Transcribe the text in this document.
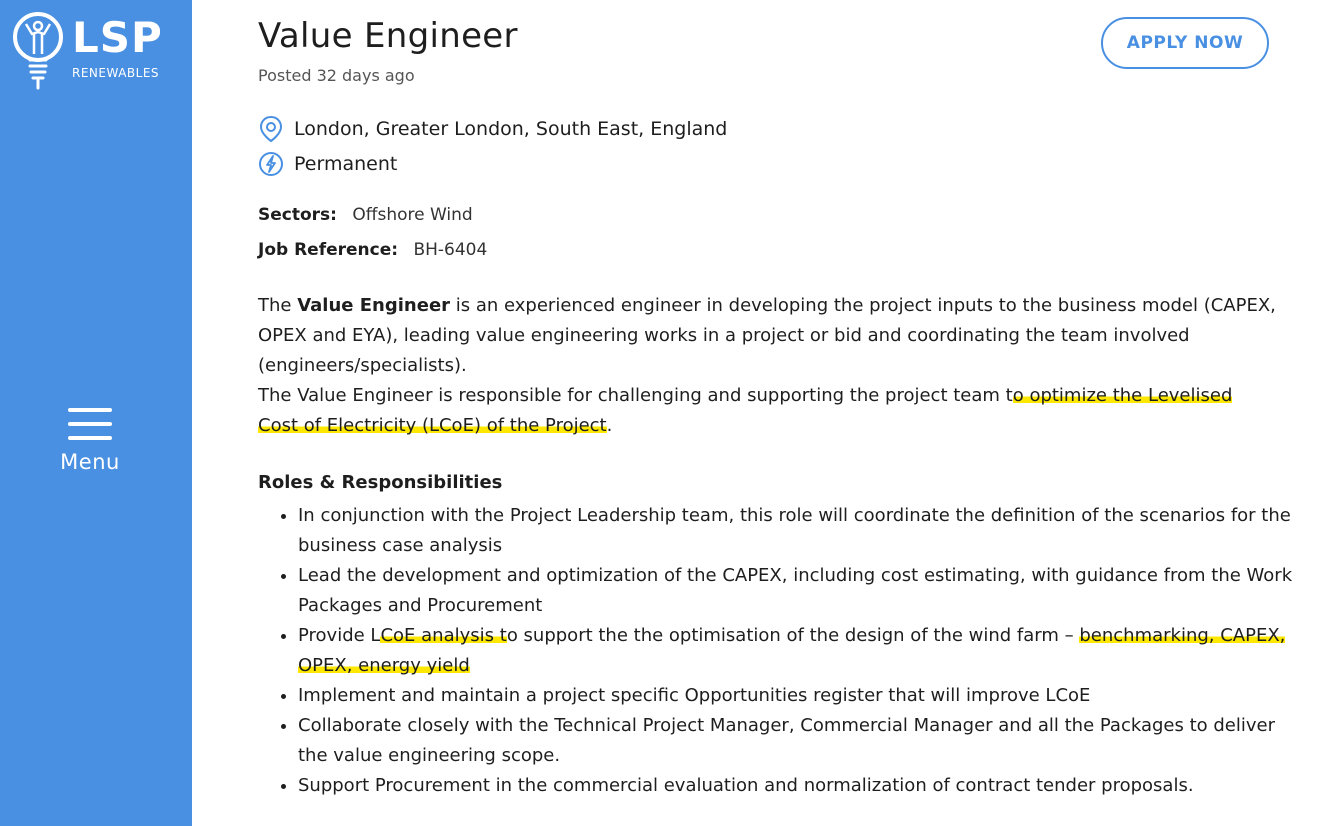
LSP
RENEWABLES
Menu
Value Engineer
Posted 32 days ago
APPLY NOW
London, Greater London, South East, England
Permanent
Sectors: Offshore Wind
Job Reference: BH-6404

The Value Engineer is an experienced engineer in developing the project inputs to the business model (CAPEX, OPEX and EYA), leading value engineering works in a project or bid and coordinating the team involved (engineers/specialists).

The Value Engineer is responsible for challenging and supporting the project team to optimize the Levelised Cost of Electricity (LCoE) of the Project.

Roles & Responsibilities
• In conjunction with the Project Leadership team, this role will coordinate the definition of the scenarios for the business case analysis
• Lead the development and optimization of the CAPEX, including cost estimating, with guidance from the Work Packages and Procurement
• Provide LCoE analysis to support the the optimisation of the design of the wind farm – benchmarking, CAPEX, OPEX, energy yield
• Implement and maintain a project specific Opportunities register that will improve LCoE
• Collaborate closely with the Technical Project Manager, Commercial Manager and all the Packages to deliver the value engineering scope.
• Support Procurement in the commercial evaluation and normalization of contract tender proposals.
